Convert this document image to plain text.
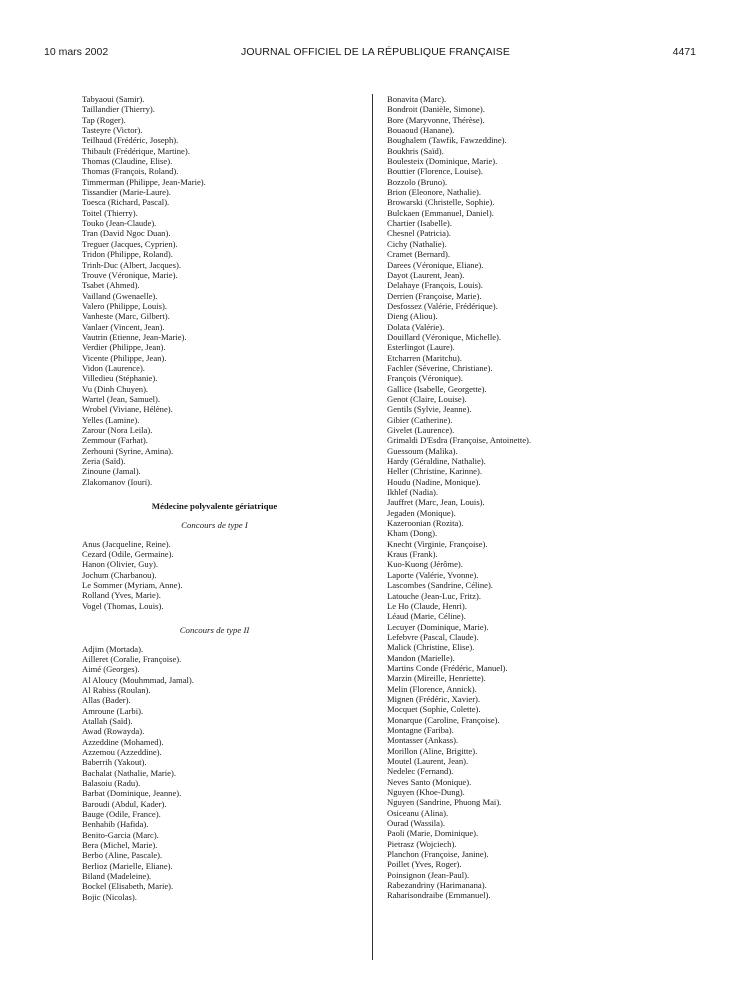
10 mars 2002	JOURNAL OFFICIEL DE LA RÉPUBLIQUE FRANÇAISE	4471
Tabyaoui (Samir).
Taillandier (Thierry).
Tap (Roger).
Tasteyre (Victor).
Teilhaud (Frédéric, Joseph).
Thibault (Frédérique, Martine).
Thomas (Claudine, Elise).
Thomas (François, Roland).
Timmerman (Philippe, Jean-Marie).
Tissandier (Marie-Laure).
Toesca (Richard, Pascal).
Toitel (Thierry).
Touko (Jean-Claude).
Tran (David Ngoc Duan).
Treguer (Jacques, Cyprien).
Tridon (Philippe, Roland).
Trinh-Duc (Albert, Jacques).
Trouve (Véronique, Marie).
Tsabet (Ahmed).
Vailland (Gwenaelle).
Valero (Philippe, Louis).
Vanheste (Marc, Gilbert).
Vanlaer (Vincent, Jean).
Vautrin (Etienne, Jean-Marie).
Verdier (Philippe, Jean).
Vicente (Philippe, Jean).
Vidon (Laurence).
Villedieu (Stéphanie).
Vu (Dinh Chuyen).
Wartel (Jean, Samuel).
Wrobel (Viviane, Hélène).
Yelles (Lamine).
Zarour (Nora Leila).
Zemmour (Farhat).
Zerhouni (Syrine, Amina).
Zeria (Saïd).
Zinoune (Jamal).
Zlakomanov (Iouri).
Médecine polyvalente gériatrique
Concours de type I
Anus (Jacqueline, Reine).
Cezard (Odile, Germaine).
Hanon (Olivier, Guy).
Jochum (Charbanou).
Le Sommer (Myriam, Anne).
Rolland (Yves, Marie).
Vogel (Thomas, Louis).
Concours de type II
Adjim (Mortada).
Ailleret (Coralie, Françoise).
Aimé (Georges).
Al Aloucy (Mouhmmad, Jamal).
Al Rabiss (Roulan).
Allas (Bader).
Amroune (Larbi).
Atallah (Saïd).
Awad (Rowayda).
Azzeddine (Mohamed).
Azzemou (Azzeddine).
Baberrih (Yakout).
Bachalat (Nathalie, Marie).
Balasoiu (Radu).
Barbat (Dominique, Jeanne).
Baroudi (Abdul, Kader).
Bauge (Odile, France).
Benhabib (Hafida).
Benito-Garcia (Marc).
Bera (Michel, Marie).
Berbo (Aline, Pascale).
Berlioz (Marielle, Eliane).
Biland (Madeleine).
Bockel (Elisabeth, Marie).
Bojic (Nicolas).
Bonavita (Marc).
Bondroit (Danièle, Simone).
Bore (Maryvonne, Thérèse).
Bouaoud (Hanane).
Boughalem (Tawfik, Fawzeddine).
Boukhris (Saïd).
Boulesteix (Dominique, Marie).
Bouttier (Florence, Louise).
Bozzolo (Bruno).
Brion (Eleonore, Nathalie).
Browarski (Christelle, Sophie).
Bulckaen (Emmanuel, Daniel).
Chartier (Isabelle).
Chesnel (Patricia).
Cichy (Nathalie).
Cramet (Bernard).
Darees (Véronique, Eliane).
Dayot (Laurent, Jean).
Delahaye (François, Louis).
Derrien (Françoise, Marie).
Desfossez (Valérie, Frédérique).
Dieng (Aliou).
Dolata (Valérie).
Douillard (Véronique, Michelle).
Esterlingot (Laure).
Etcharren (Maritchu).
Fachler (Séverine, Christiane).
François (Véronique).
Gallice (Isabelle, Georgette).
Genot (Claire, Louise).
Gentils (Sylvie, Jeanne).
Gibier (Catherine).
Givelet (Laurence).
Grimaldi D'Esdra (Françoise, Antoinette).
Guessoum (Malika).
Hardy (Géraldine, Nathalie).
Heller (Christine, Karinne).
Houdu (Nadine, Monique).
Ikhlef (Nadia).
Jauffret (Marc, Jean, Louis).
Jegaden (Monique).
Kazeroonian (Rozita).
Kham (Dong).
Knecht (Virginie, Françoise).
Kraus (Frank).
Kuo-Kuong (Jérôme).
Laporte (Valérie, Yvonne).
Lascombes (Sandrine, Céline).
Latouche (Jean-Luc, Fritz).
Le Ho (Claude, Henri).
Léaud (Marie, Céline).
Lecuyer (Dominique, Marie).
Lefebvre (Pascal, Claude).
Malick (Christine, Elise).
Mandon (Marielle).
Martins Conde (Frédéric, Manuel).
Marzin (Mireille, Henriette).
Melin (Florence, Annick).
Mignen (Frédéric, Xavier).
Mocquet (Sophie, Colette).
Monarque (Caroline, Françoise).
Montagne (Fariba).
Montasser (Ankass).
Morillon (Aline, Brigitte).
Moutel (Laurent, Jean).
Nedelec (Fernand).
Neves Santo (Monique).
Nguyen (Khoe-Dung).
Nguyen (Sandrine, Phuong Mai).
Osiceanu (Alina).
Ourad (Wassila).
Paoli (Marie, Dominique).
Pietrasz (Wojciech).
Planchon (Françoise, Janine).
Poillet (Yves, Roger).
Poinsignon (Jean-Paul).
Rabezandriny (Harimanana).
Raharisondraibe (Emmanuel).
